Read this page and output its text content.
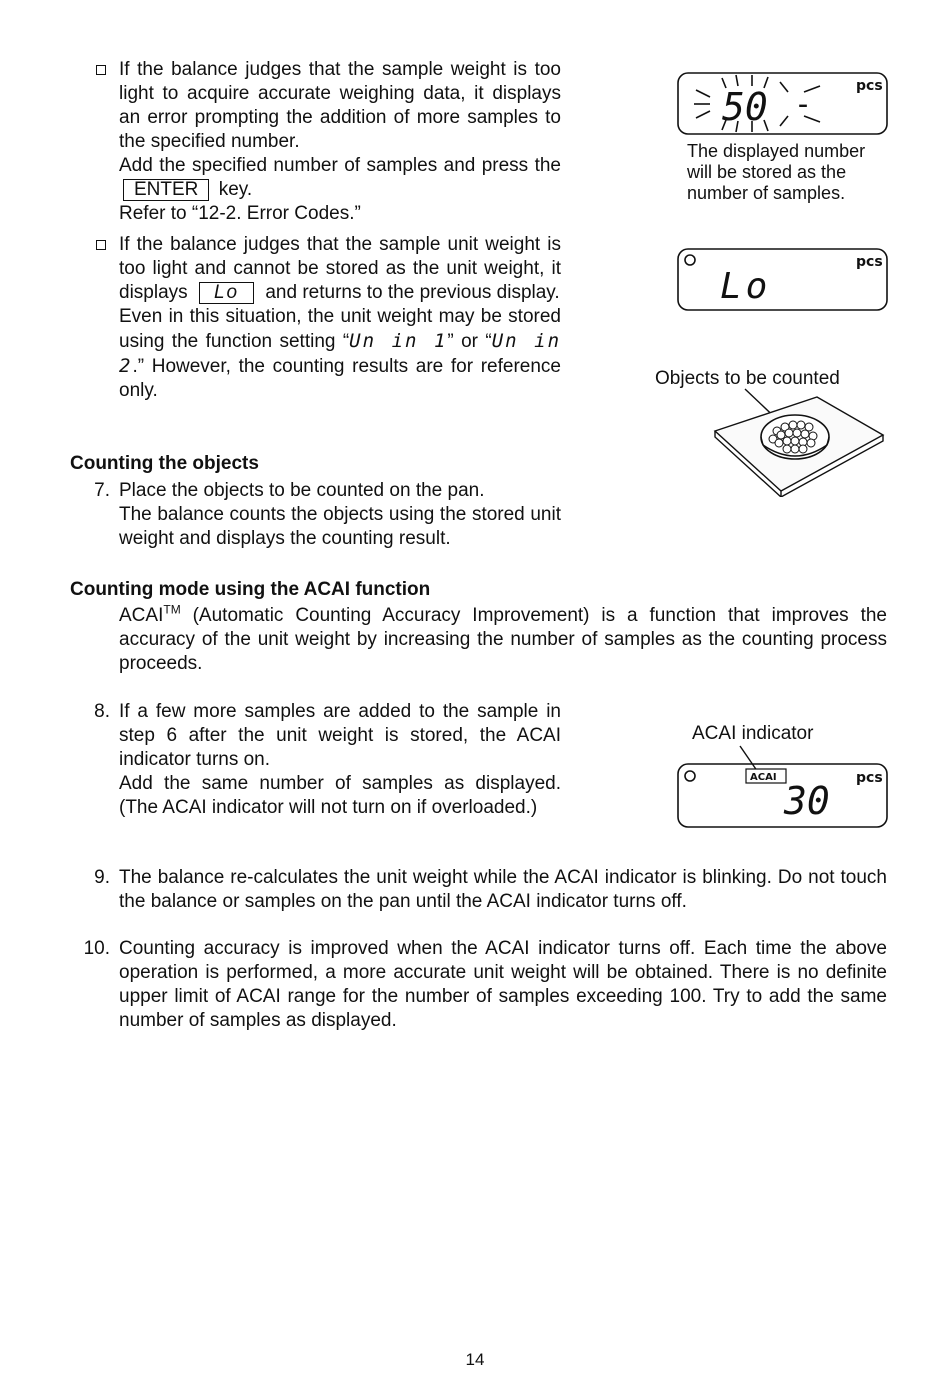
If the balance judges that the sample weight is too light to acquire accurate weighing data, it displays an error prompting the addition of more samples to the specified number.

Add the specified number of samples and press the ENTER key.

Refer to “12-2. Error Codes.”

If the balance judges that the sample unit weight is too light and cannot be stored as the unit weight, it displays Lo and returns to the previous display.

Even in this situation, the unit weight may be stored using the function setting “Un in 1” or “Un in 2.” However, the counting results are for reference only.

50 -
pcs
The displayed number will be stored as the number of samples.
Lo
pcs
Objects to be counted
Counting the objects
7. Place the objects to be counted on the pan.

The balance counts the objects using the stored unit weight and displays the counting result.

Counting mode using the ACAI function

ACAI™ (Automatic Counting Accuracy Improvement) is a function that improves the accuracy of the unit weight by increasing the number of samples as the counting process proceeds.

8. If a few more samples are added to the sample in step 6 after the unit weight is stored, the ACAI indicator turns on.

Add the same number of samples as displayed. (The ACAI indicator will not turn on if overloaded.)

ACAI indicator
ACAI
30
pcs
9. The balance re-calculates the unit weight while the ACAI indicator is blinking. Do not touch the balance or samples on the pan until the ACAI indicator turns off.

10. Counting accuracy is improved when the ACAI indicator turns off. Each time the above operation is performed, a more accurate unit weight will be obtained. There is no definite upper limit of ACAI range for the number of samples exceeding 100. Try to add the same number of samples as displayed.

14
